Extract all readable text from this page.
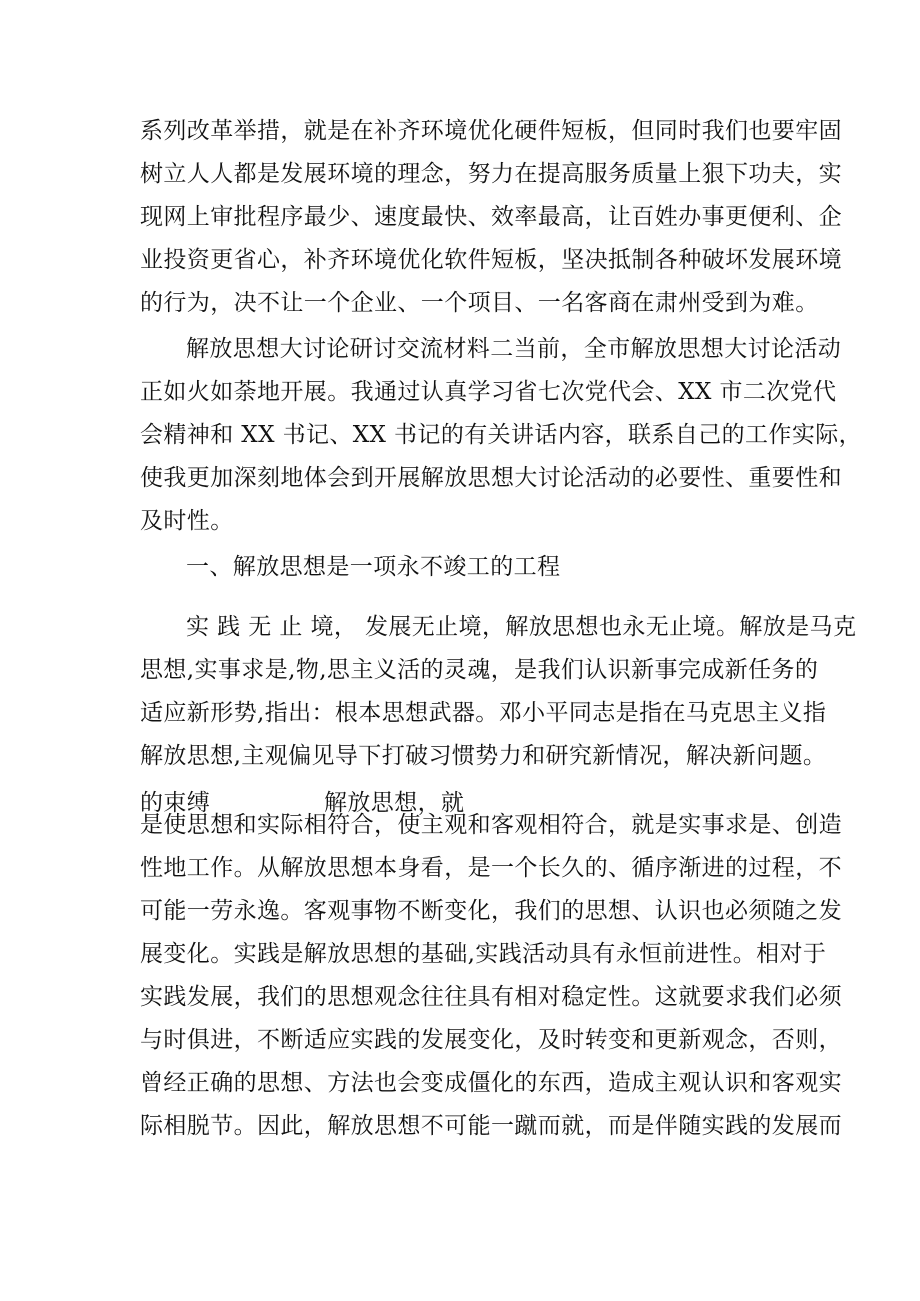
系列改革举措，就是在补齐环境优化硬件短板，但同时我们也要牢固
树立人人都是发展环境的理念，努力在提高服务质量上狠下功夫，实
现网上审批程序最少、速度最快、效率最高，让百姓办事更便利、企
业投资更省心，补齐环境优化软件短板，坚决抵制各种破坏发展环境
的行为，决不让一个企业、一个项目、一名客商在肃州受到为难。
解放思想大讨论研讨交流材料二当前，全市解放思想大讨论活动
正如火如荼地开展。我通过认真学习省七次党代会、XX 市二次党代
会精神和 XX 书记、XX 书记的有关讲话内容，联系自己的工作实际，
使我更加深刻地体会到开展解放思想大讨论活动的必要性、重要性和
及时性。
一、解放思想是一项永不竣工的工程
实 践 无 止 境， 发展无止境，解放思想也永无止境。解放是马克
思想,实事求是,物,思主义活的灵魂，是我们认识新事完成新任务的
适应新形势,指出：根本思想武器。邓小平同志是指在马克思主义指
解放思想,主观偏见导下打破习惯势力和研究新情况，解决新问题。
的束缚	解放思想，就
是使思想和实际相符合，使主观和客观相符合，就是实事求是、创造
性地工作。从解放思想本身看，是一个长久的、循序渐进的过程，不
可能一劳永逸。客观事物不断变化，我们的思想、认识也必须随之发
展变化。实践是解放思想的基础,实践活动具有永恒前进性。相对于
实践发展，我们的思想观念往往具有相对稳定性。这就要求我们必须
与时俱进，不断适应实践的发展变化，及时转变和更新观念，否则，
曾经正确的思想、方法也会变成僵化的东西，造成主观认识和客观实
际相脱节。因此，解放思想不可能一蹴而就，而是伴随实践的发展而
